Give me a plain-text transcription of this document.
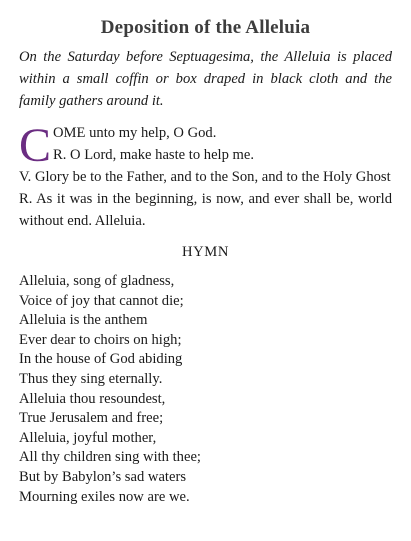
Deposition of the Alleluia
On the Saturday before Septuagesima, the Alleluia is placed within a small coffin or box draped in black cloth and the family gathers around it.
C OME unto my help, O God.
R. O Lord, make haste to help me.
V. Glory be to the Father, and to the Son, and to the Holy Ghost
R. As it was in the beginning, is now, and ever shall be, world without end. Alleluia.
HYMN
Alleluia, song of gladness,
Voice of joy that cannot die;
Alleluia is the anthem
Ever dear to choirs on high;
In the house of God abiding
Thus they sing eternally.
Alleluia thou resoundest,
True Jerusalem and free;
Alleluia, joyful mother,
All thy children sing with thee;
But by Babylon’s sad waters
Mourning exiles now are we.
